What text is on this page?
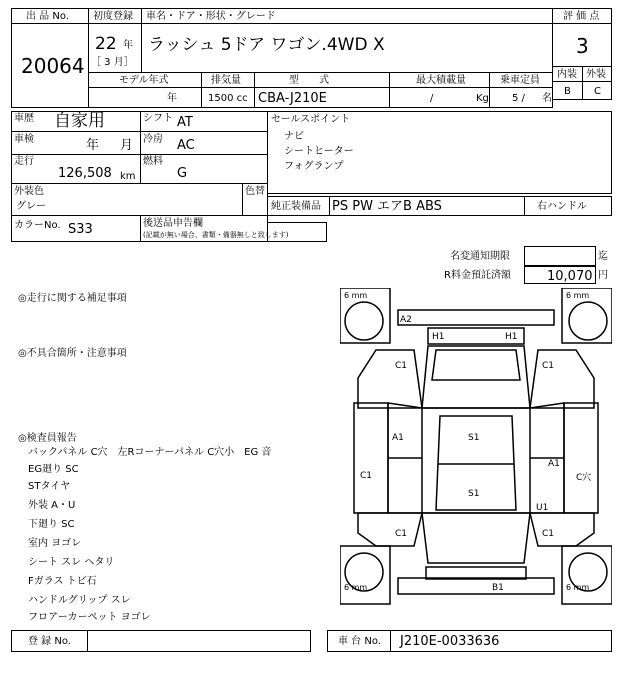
出 品 No.
20064
初度登録
22 年
［ 3 月］
車名・ドア・形状・グレード
ラッシュ 5ドア ワゴン.4WD X
評 価 点
3
内装 外装
B C
モデル年式	排気量	型　　式	最大積載量	乗車定員
年	1500 cc CBA-J210E	/	Kg 5 / 名
車歴 自家用	シフト AT
車検	年 月 冷房 AC
走行
126,508 km
燃料
G
外装色
グレー
色替
カラーNo. S33	後送品申告欄
(記載が無い場合、書類・備器無しと致します)
セールスポイント
ナビ
シートヒーター
フォグランプ
純正装備品 PS PW エアB ABS	右ハンドル
名変通知期限	迄
R料金預託済額	10,070 円
◎走行に関する補足事項
◎不具合箇所・注意事項
◎検査員報告
バックパネル C穴　左Rコーナーパネル C穴小　EG 音
EG廻り SC
STタイヤ
外装 A・U
下廻り SC
室内 ヨゴレ
シート スレ ヘタリ
Fガラス トビ石
ハンドルグリップ スレ
フロアーカーペット ヨゴレ
6 mm	6 mm
6 mm	6 mm
A2
H1	H1
C1	C1
A1	S1
A1
C1	C穴
S1
U1
C1	C1
B1
登 録 No.	車 台 No. J210E-0033636
